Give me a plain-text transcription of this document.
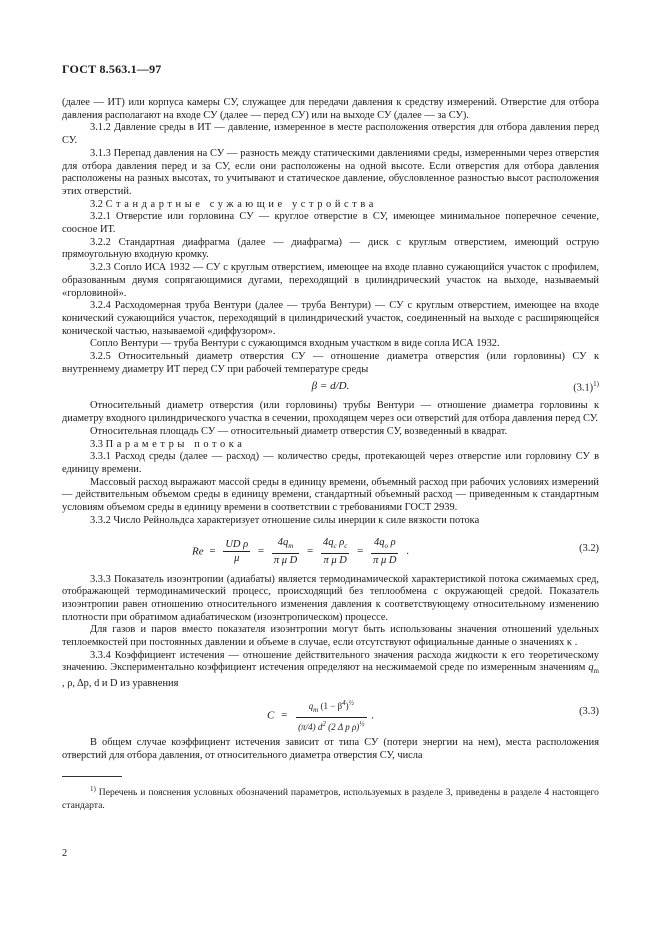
ГОСТ 8.563.1—97

(далее — ИТ) или корпуса камеры СУ, служащее для передачи давления к средству измерений. Отверстие для отбора давления располагают на входе СУ (далее — перед СУ) или на выходе СУ (далее — за СУ).

3.1.2 Давление среды в ИТ — давление, измеренное в месте расположения отверстия для отбора давления перед СУ.

3.1.3 Перепад давления на СУ — разность между статическими давлениями среды, измеренными через отверстия для отбора давления перед и за СУ, если они расположены на одной высоте. Если отверстия для отбора давления расположены на разных высотах, то учитывают и статическое давление, обусловленное разностью высот расположения этих отверстий.

3.2 Стандартные сужающие устройства

3.2.1 Отверстие или горловина СУ — круглое отверстие в СУ, имеющее минимальное поперечное сечение, соосное ИТ.

3.2.2 Стандартная диафрагма (далее — диафрагма) — диск с круглым отверстием, имеющий острую прямоугольную входную кромку.

3.2.3 Сопло ИСА 1932 — СУ с круглым отверстием, имеющее на входе плавно сужающийся участок с профилем, образованным двумя сопрягающимися дугами, переходящий в цилиндрический участок на выходе, называемый «горловиной».

3.2.4 Расходомерная труба Вентури (далее — труба Вентури) — СУ с круглым отверстием, имеющее на входе конический сужающийся участок, переходящий в цилиндрический участок, соединенный на выходе с расширяющейся конической частью, называемой «диффузором».

Сопло Вентури — труба Вентури с сужающимся входным участком в виде сопла ИСА 1932.

3.2.5 Относительный диаметр отверстия СУ — отношение диаметра отверстия (или горловины) СУ к внутреннему диаметру ИТ перед СУ при рабочей температуре среды

β = d/D.	$(3.1)^{1)}$

Относительный диаметр отверстия (или горловины) трубы Вентури — отношение диаметра горловины к диаметру входного цилиндрического участка в сечении, проходящем через оси отверстий для отбора давления перед СУ.

Относительная площадь СУ — относительный диаметр отверстия СУ, возведенный в квадрат.

3.3 Параметры потока

3.3.1 Расход среды (далее — расход) — количество среды, протекающей через отверстие или горловину СУ в единицу времени.

Массовый расход выражают массой среды в единицу времени, объемный расход при рабочих условиях измерений — действительным объемом среды в единицу времени, стандартный объемный расход — приведенным к стандартным условиям объемом среды в единицу времени в соответствии с требованиями ГОСТ 2939.

3.3.2 Число Рейнольдса характеризует отношение силы инерции к силе вязкости потока

$Re = \frac{\text{UD ρ}}{\mu} = \frac{4q_m}{\text{π μ D}} = \frac{4q_c \rho_c}{\text{π μ D}} = \frac{4q_o \rho}{\text{π μ D}}$ .	(3.2)

3.3.3 Показатель изоэнтропии (адиабаты) является термодинамической характеристикой потока сжимаемых сред, отображающей термодинамический процесс, происходящий без теплообмена с окружающей средой. Показатель изоэнтропии равен отношению относительного изменения давления к соответствующему относительному изменению плотности при обратимом адиабатическом (изоэнтропическом) процессе.

Для газов и паров вместо показателя изоэнтропии могут быть использованы значения отношений удельных теплоемкостей при постоянных давлении и объеме в случае, если отсутствуют официальные данные о значениях κ .

3.3.4 Коэффициент истечения — отношение действительного значения расхода жидкости к его теоретическому значению. Экспериментально коэффициент истечения определяют на несжимаемой среде по измеренным значениям $q_m$ , ρ, Δp, d и D из уравнения

$C = \frac{q_m (1 - \beta^4)^{\frac{1}{2}}}{(\pi/4) d^2 (2 \Delta p \rho)^{\frac{1}{2}}}$ .	(3.3)

В общем случае коэффициент истечения зависит от типа СУ (потери энергии на нем), места расположения отверстий для отбора давления, от относительного диаметра отверстия СУ, числа

$^{1)}$ Перечень и пояснения условных обозначений параметров, используемых в разделе 3, приведены в разделе 4 настоящего стандарта.

2
